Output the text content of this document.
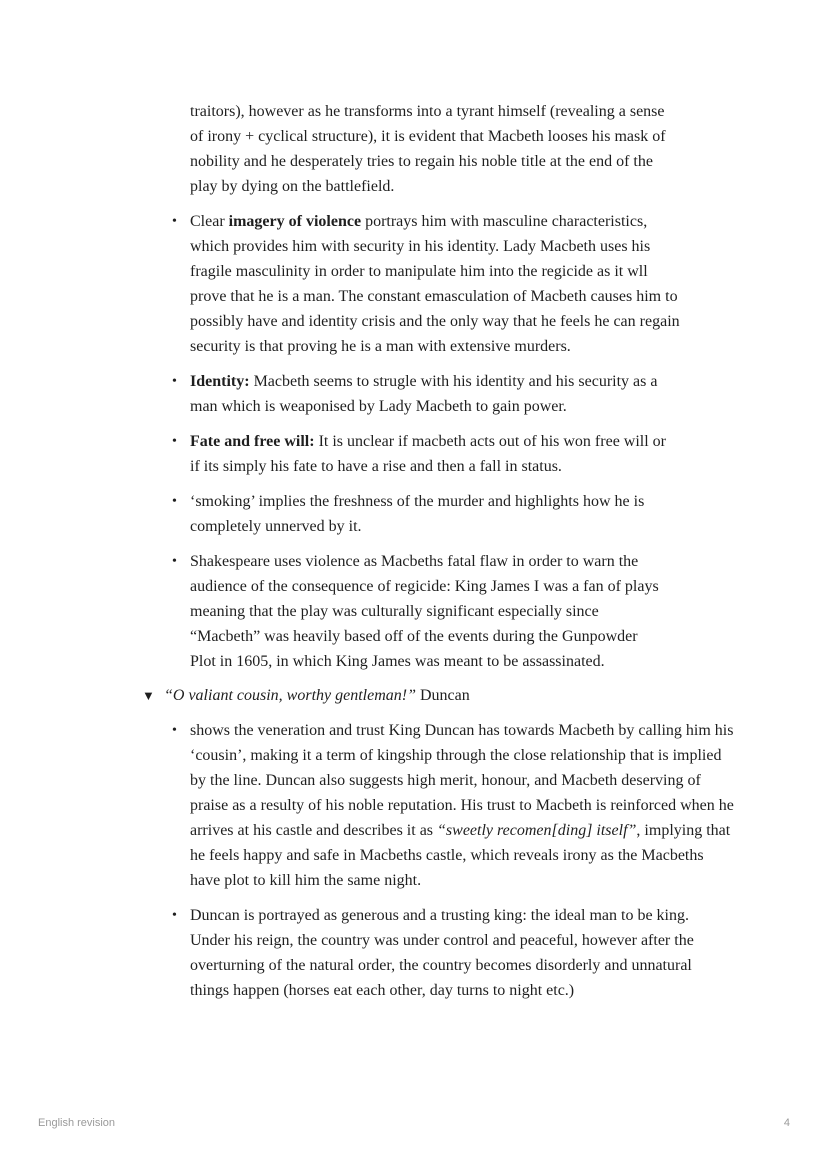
traitors), however as he transforms into a tyrant himself (revealing a sense of irony + cyclical structure), it is evident that Macbeth looses his mask of nobility and he desperately tries to regain his noble title at the end of the play by dying on the battlefield.

• Clear imagery of violence portrays him with masculine characteristics, which provides him with security in his identity. Lady Macbeth uses his fragile masculinity in order to manipulate him into the regicide as it wll prove that he is a man. The constant emasculation of Macbeth causes him to possibly have and identity crisis and the only way that he feels he can regain security is that proving he is a man with extensive murders.
• Identity: Macbeth seems to strugle with his identity and his security as a man which is weaponised by Lady Macbeth to gain power.
• Fate and free will: It is unclear if macbeth acts out of his won free will or if its simply his fate to have a rise and then a fall in status.
• ‘smoking’ implies the freshness of the murder and highlights how he is completely unnerved by it.
• Shakespeare uses violence as Macbeths fatal flaw in order to warn the audience of the consequence of regicide: King James I was a fan of plays meaning that the play was culturally significant especially since “Macbeth” was heavily based off of the events during the Gunpowder Plot in 1605, in which King James was meant to be assassinated.
▼ “O valiant cousin, worthy gentleman!” Duncan
• shows the veneration and trust King Duncan has towards Macbeth by calling him his ‘cousin’, making it a term of kingship through the close relationship that is implied by the line. Duncan also suggests high merit, honour, and Macbeth deserving of praise as a resulty of his noble reputation. His trust to Macbeth is reinforced when he arrives at his castle and describes it as “sweetly recomen[ding] itself”, implying that he feels happy and safe in Macbeths castle, which reveals irony as the Macbeths have plot to kill him the same night.
• Duncan is portrayed as generous and a trusting king: the ideal man to be king. Under his reign, the country was under control and peaceful, however after the overturning of the natural order, the country becomes disorderly and unnatural things happen (horses eat each other, day turns to night etc.)
English revision	4
